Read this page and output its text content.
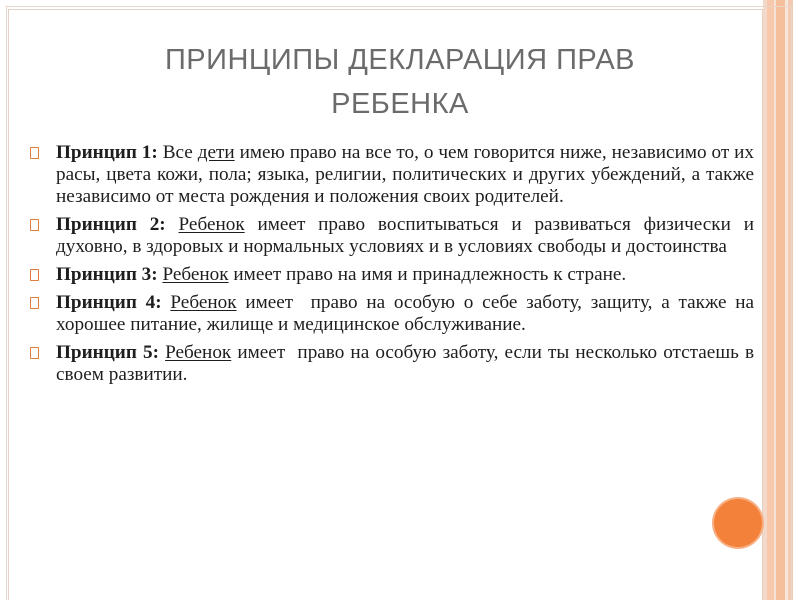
ПРИНЦИПЫ ДЕКЛАРАЦИЯ ПРАВ
РЕБЕНКА
Принцип 1: Все дети имею право на все то, о чем говорится ниже, независимо от их расы, цвета кожи, пола; языка, религии, политических и других убеждений, а также независимо от места рождения и положения своих родителей.
Принцип 2: Ребенок имеет право воспитываться и развиваться физически и духовно, в здоровых и нормальных условиях и в условиях свободы и достоинства
Принцип 3: Ребенок имеет право на имя и принадлежность к стране.
Принцип 4: Ребенок имеет  право на особую о себе заботу, защиту, а также на хорошее питание, жилище и медицинское обслуживание.
Принцип 5: Ребенок имеет  право на особую заботу, если ты несколько отстаешь в своем развитии.
